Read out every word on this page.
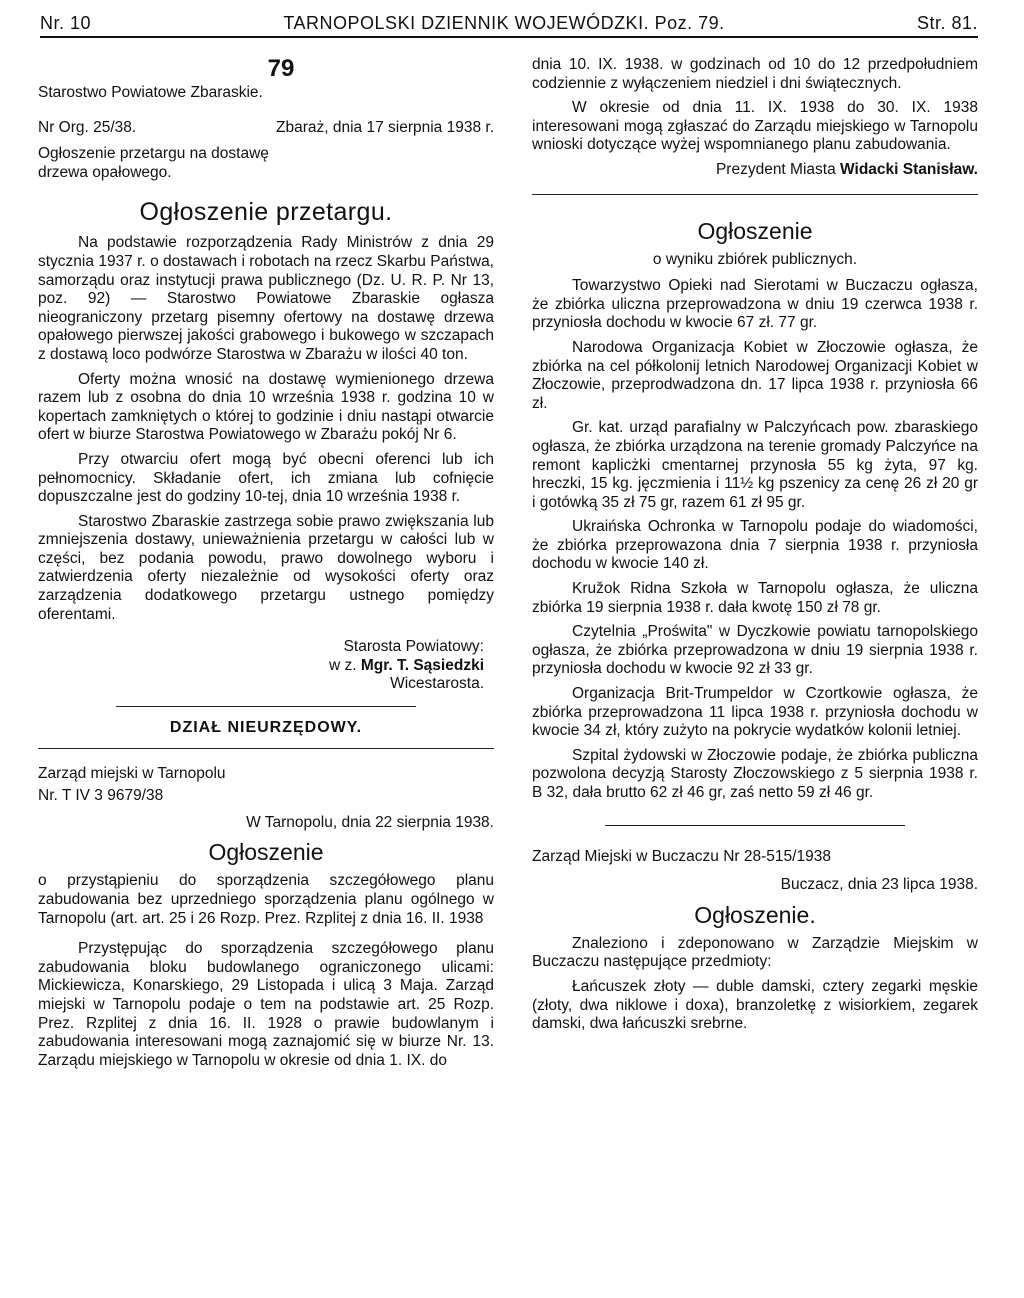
Nr. 10	TARNOPOLSKI DZIENNIK WOJEWÓDZKI. Poz. 79.	Str. 81.
79

Starostwo Powiatowe Zbaraskie.

Nr Org. 25/38.	Zbaraż, dnia 17 sierpnia 1938 r.

Ogłoszenie przetargu na dostawę drzewa opałowego.

Ogłoszenie przetargu.

Na podstawie rozporządzenia Rady Ministrów z dnia 29 stycznia 1937 r. o dostawach i robotach na rzecz Skarbu Państwa, samorządu oraz instytucji prawa publicznego (Dz. U. R. P. Nr 13, poz. 92) — Starostwo Powiatowe Zbaraskie ogłasza nieograniczony przetarg pisemny ofertowy na dostawę drzewa opałowego pierwszej jakości grabowego i bukowego w szczapach z dostawą loco podwórze Starostwa w Zbarażu w ilości 40 ton.

Oferty można wnosić na dostawę wymienionego drzewa razem lub z osobna do dnia 10 września 1938 r. godzina 10 w kopertach zamkniętych o której to godzinie i dniu nastąpi otwarcie ofert w biurze Starostwa Powiatowego w Zbarażu pokój Nr 6.

Przy otwarciu ofert mogą być obecni oferenci lub ich pełnomocnicy. Składanie ofert, ich zmiana lub cofnięcie dopuszczalne jest do godziny 10-tej, dnia 10 września 1938 r.

Starostwo Zbaraskie zastrzega sobie prawo zwiększania lub zmniejszenia dostawy, unieważnienia przetargu w całości lub w części, bez podania powodu, prawo dowolnego wyboru i zatwierdzenia oferty niezależnie od wysokości oferty oraz zarządzenia dodatkowego przetargu ustnego pomiędzy oferentami.

Starosta Powiatowy:

w z. Mgr. T. Sąsiedzki

Wicestarosta.

DZIAŁ NIEURZĘDOWY.

Zarząd miejski w Tarnopolu

Nr. T IV 3 9679/38

W Tarnopolu, dnia 22 sierpnia 1938.

Ogłoszenie

o przystąpieniu do sporządzenia szczegółowego planu zabudowania bez uprzedniego sporządzenia planu ogólnego w Tarnopolu (art. art. 25 i 26 Rozp. Prez. Rzplitej z dnia 16. II. 1938

Przystępując do sporządzenia szczegółowego planu zabudowania bloku budowlanego ograniczonego ulicami: Mickiewicza, Konarskiego, 29 Listopada i ulicą 3 Maja. Zarząd miejski w Tarnopolu podaje o tem na podstawie art. 25 Rozp. Prez. Rzplitej z dnia 16. II. 1928 o prawie budowlanym i zabudowania interesowani mogą zaznajomić się w biurze Nr. 13. Zarządu miejskiego w Tarnopolu w okresie od dnia 1. IX. do

dnia 10. IX. 1938. w godzinach od 10 do 12 przedpołudniem codziennie z wyłączeniem niedziel i dni świątecznych.

W okresie od dnia 11. IX. 1938 do 30. IX. 1938 interesowani mogą zgłaszać do Zarządu miejskiego w Tarnopolu wnioski dotyczące wyżej wspomnianego planu zabudowania.

Prezydent Miasta Widacki Stanisław.

Ogłoszenie

o wyniku zbiórek publicznych.

Towarzystwo Opieki nad Sierotami w Buczaczu ogłasza, że zbiórka uliczna przeprowadzona w dniu 19 czerwca 1938 r. przyniosła dochodu w kwocie 67 zł. 77 gr.

Narodowa Organizacja Kobiet w Złoczowie ogłasza, że zbiórka na cel półkolonij letnich Narodowej Organizacji Kobiet w Złoczowie, przeprodwadzona dn. 17 lipca 1938 r. przyniosła 66 zł.

Gr. kat. urząd parafialny w Palczyńcach pow. zbaraskiego ogłasza, że zbiórka urządzona na terenie gromady Palczyńce na remont kaplicżki cmentarnej przynosła 55 kg żyta, 97 kg. hreczki, 15 kg. jęczmienia i 11½ kg pszenicy za cenę 26 zł 20 gr i gotówką 35 zł 75 gr, razem 61 zł 95 gr.

Ukraińska Ochronka w Tarnopolu podaje do wiadomości, że zbiórka przeprowazona dnia 7 sierpnia 1938 r. przyniosła dochodu w kwocie 140 zł.

Kružok Ridna Szkoła w Tarnopolu ogłasza, że uliczna zbiórka 19 sierpnia 1938 r. dała kwotę 150 zł 78 gr.

Czytelnia „Proświta" w Dyczkowie powiatu tarnopolskiego ogłasza, że zbiórka przeprowadzona w dniu 19 sierpnia 1938 r. przyniosła dochodu w kwocie 92 zł 33 gr.

Organizacja Brit-Trumpeldor w Czortkowie ogłasza, że zbiórka przeprowadzona 11 lipca 1938 r. przyniosła dochodu w kwocie 34 zł, który zużyto na pokrycie wydatków kolonii letniej.

Szpital żydowski w Złoczowie podaje, że zbiórka publiczna pozwolona decyzją Starosty Złoczowskiego z 5 sierpnia 1938 r. B 32, dała brutto 62 zł 46 gr, zaś netto 59 zł 46 gr.

Zarząd Miejski w Buczaczu Nr 28-515/1938

Buczacz, dnia 23 lipca 1938.

Ogłoszenie.

Znaleziono i zdeponowano w Zarządzie Miejskim w Buczaczu następujące przedmioty:

Łańcuszek złoty — duble damski, cztery zegarki męskie (złoty, dwa niklowe i doxa), branzoletkę z wisiorkiem, zegarek damski, dwa łańcuszki srebrne.
